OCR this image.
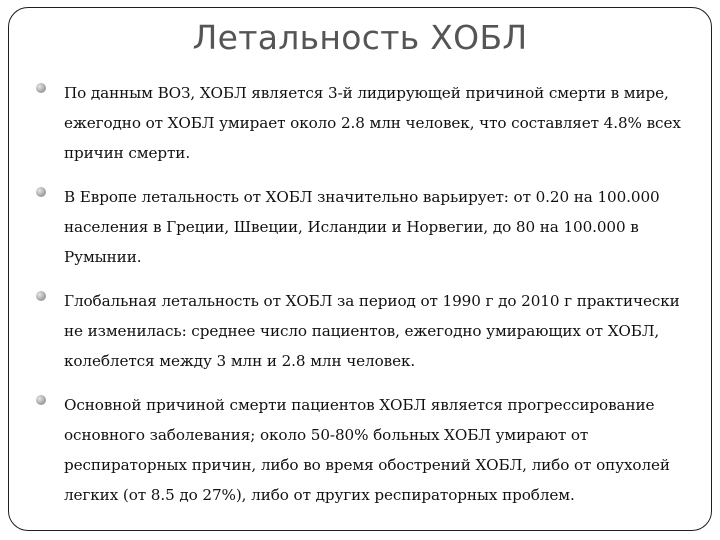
Летальность ХОБЛ
По данным ВОЗ, ХОБЛ является 3-й лидирующей причиной смерти в мире, ежегодно от ХОБЛ умирает около 2.8 млн человек, что составляет 4.8% всех причин смерти.
В Европе летальность от ХОБЛ значительно варьирует: от 0.20 на 100.000 населения в Греции, Швеции, Исландии и Норвегии, до 80 на 100.000 в Румынии.
Глобальная летальность от ХОБЛ за период от 1990 г до 2010 г практически не изменилась: среднее число пациентов, ежегодно умирающих от ХОБЛ, колеблется между 3 млн и 2.8 млн человек.
Основной причиной смерти пациентов ХОБЛ является прогрессирование основного заболевания; около 50-80% больных ХОБЛ умирают от респираторных причин, либо во время обострений ХОБЛ, либо от опухолей легких (от 8.5 до 27%), либо от других респираторных проблем.
